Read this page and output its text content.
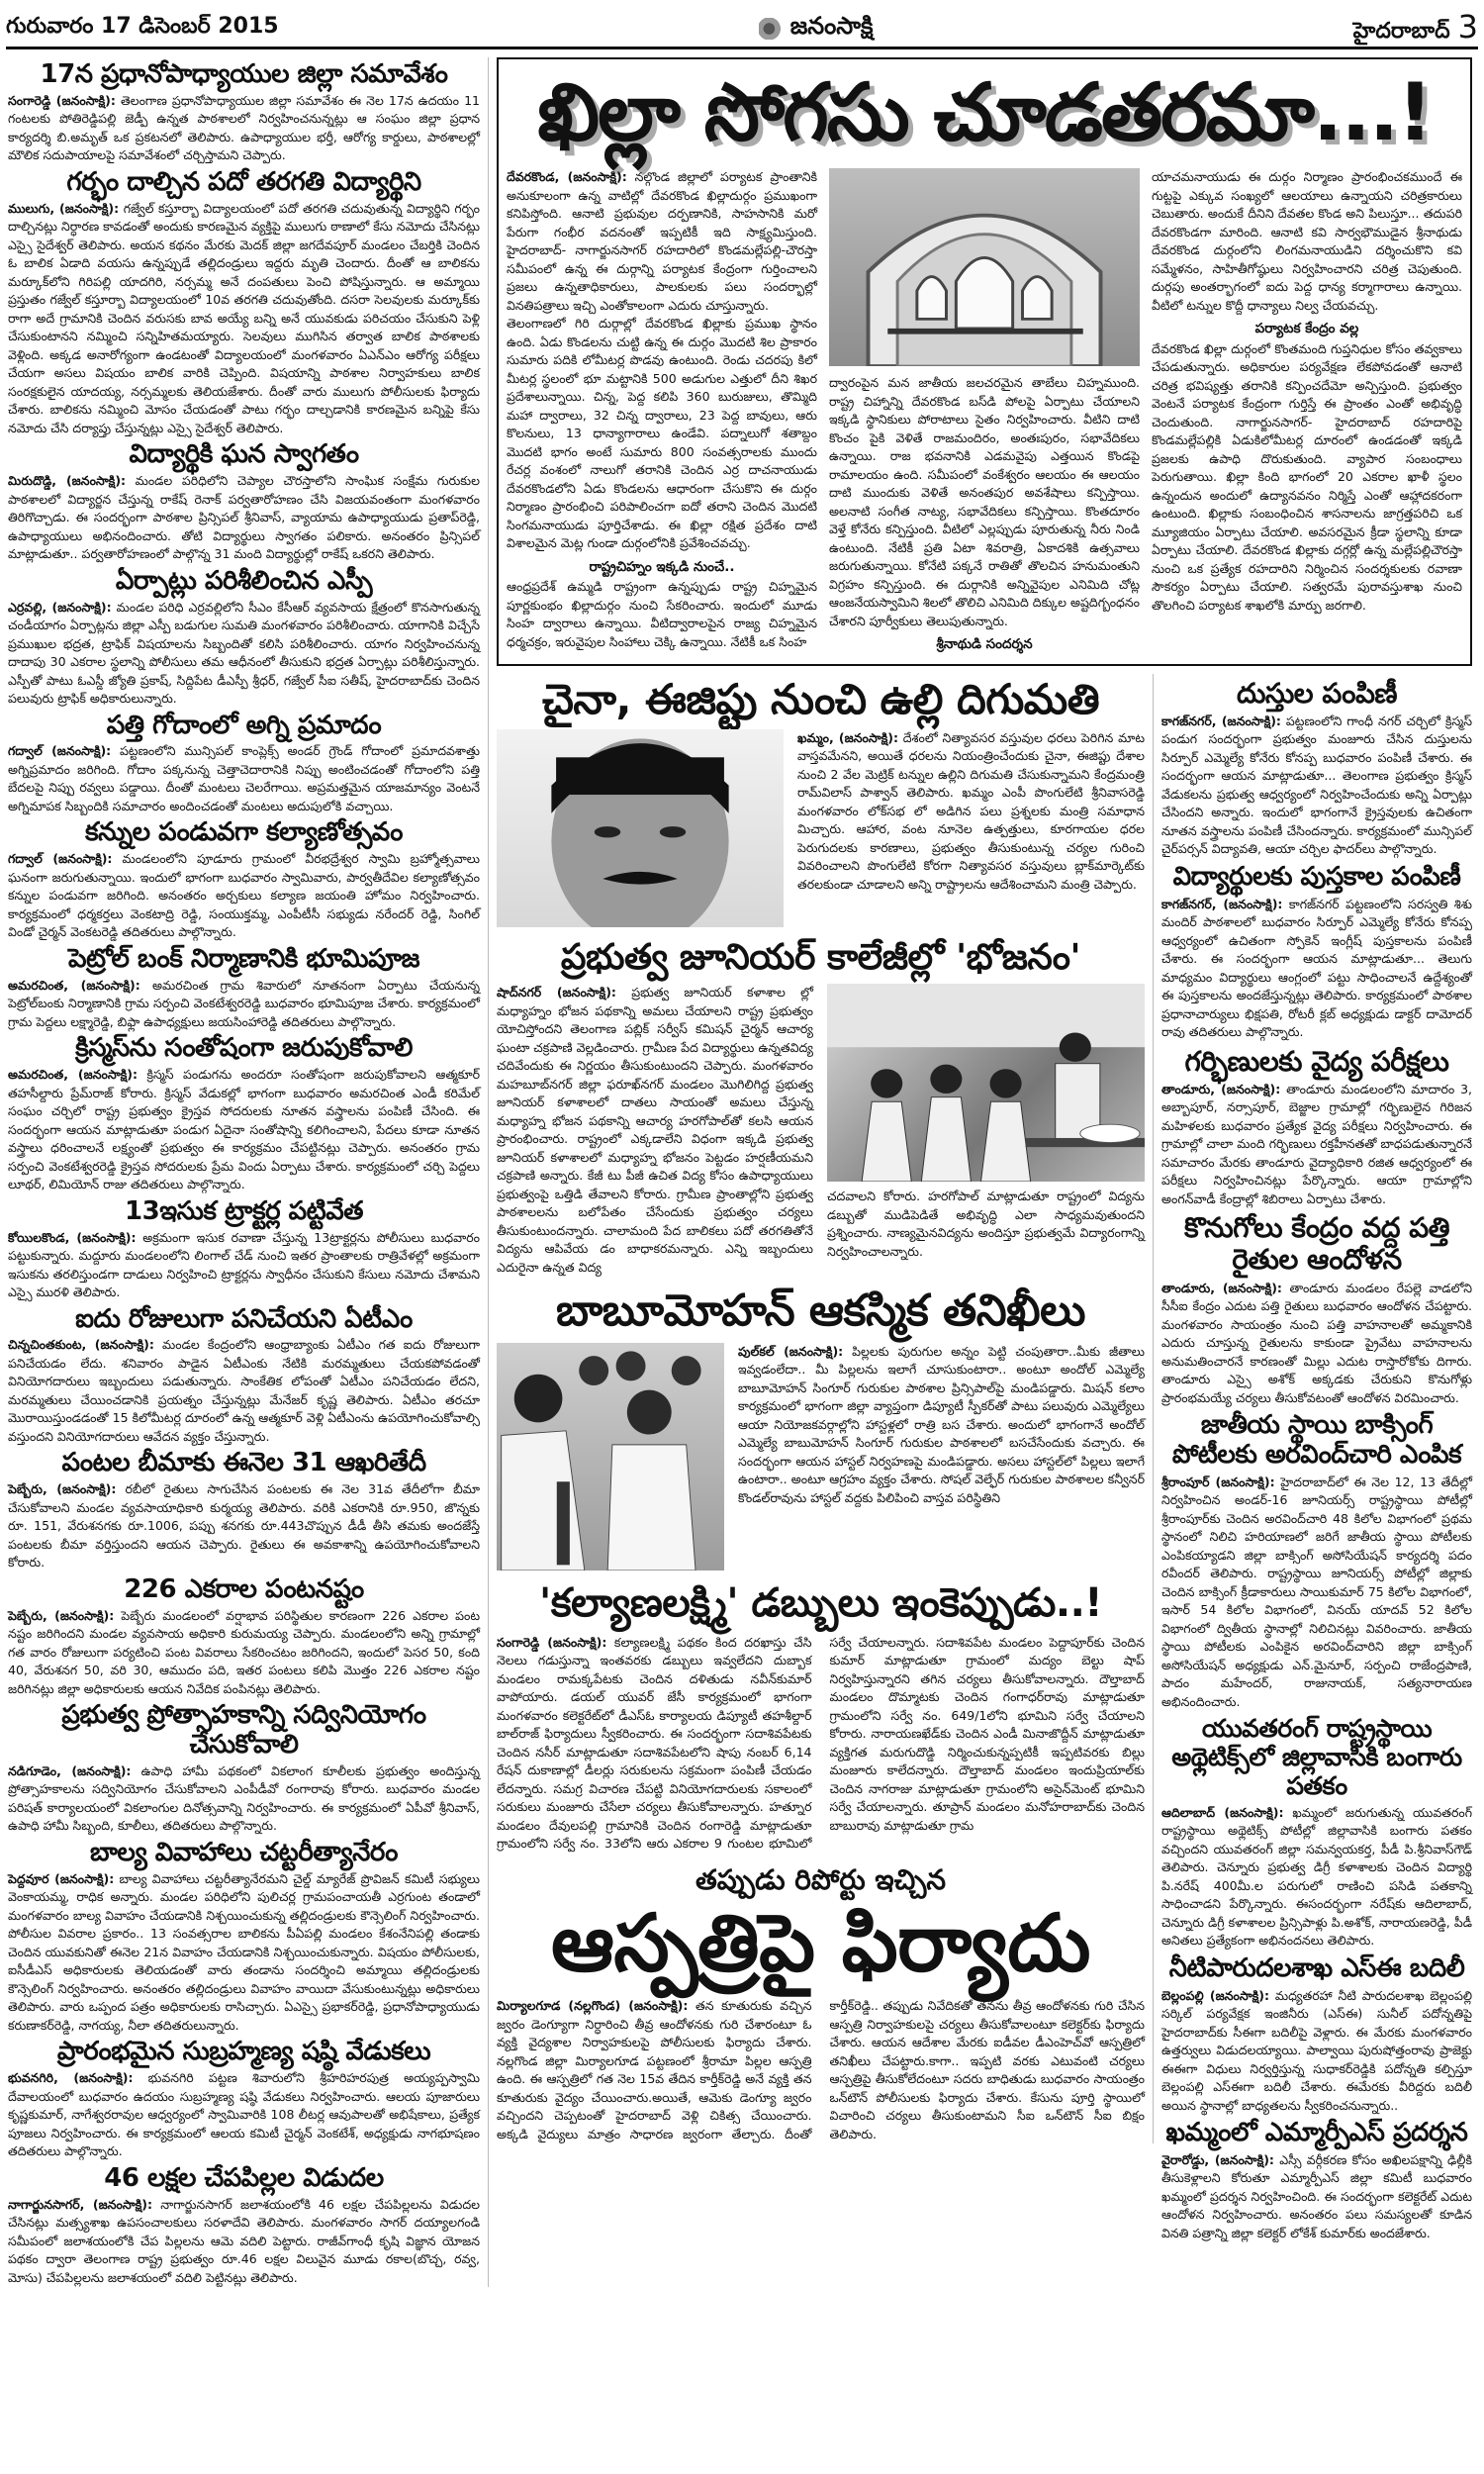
గురువారం 17 డిసెంబర్ 2015	జనంసాక్షి	హైదరాబాద్ 3
17న ప్రధానోపాధ్యాయుల జిల్లా సమావేశం

సంగారెడ్డి (జనంసాక్షి): తెలంగాణ ప్రధానోపాధ్యాయుల జిల్లా సమావేశం ఈ నెల 17న ఉదయం 11 గంటలకు పోతిరెడ్డిపల్లి జెడ్పీ ఉన్నత పాఠశాలలో నిర్వహించనున్నట్లు ఆ సంఘం జిల్లా ప్రధాన కార్యదర్శి బి.అమృత్ ఒక ప్రకటనలో తెలిపారు. ఉపాధ్యాయుల భర్తీ, ఆరోగ్య కార్డులు, పాఠశాలల్లో మౌలిక సదుపాయాలపై సమావేశంలో చర్చిస్తామని చెప్పారు.

గర్భం దాల్చిన పదో తరగతి విద్యార్థిని

ములుగు, (జనంసాక్షి): గజ్వేల్ కస్తూర్బా విద్యాలయంలో పదో తరగతి చదువుతున్న విద్యార్థిని గర్భం దాల్చినట్లు నిర్ధారణ కావడంతో అందుకు కారణమైన వ్యక్తిపై ములుగు ఠాణాలో కేసు నమోదు చేసినట్లు ఎస్సై సైదేశ్వర్ తెలిపారు. అయన కథనం మేరకు మెదక్ జిల్లా జగదేవపూర్ మండలం చేబర్తికి చెందిన ఓ బాలిక ఏడాది వయసు ఉన్నప్పుడే తల్లిదండ్రులు ఇద్దరు మృతి చెందారు. దీంతో ఆ బాలికను మర్కూక్‌లోని గిరిపల్లి యాదగిరి, నర్సమ్మ అనే దంపతులు పెంచి పోషిస్తున్నారు. ఆ అమ్మాయి ప్రస్తుతం గజ్వేల్ కస్తూర్బా విద్యాలయంలో 10వ తరగతి చదువుతోంది. దసరా సెలవులకు మర్కూక్‌కు రాగా అదే గ్రామానికి చెందిన వరుసకు బావ అయ్యే బన్ని అనే యువకుడు పరిచయం చేసుకుని పెళ్లి చేసుకుంటానని నమ్మించి సన్నిహితమయ్యారు. సెలవులు ముగిసిన తర్వాత బాలిక పాఠశాలకు వెళ్లింది. అక్కడ అనారోగ్యంగా ఉండటంతో విద్యాలయంలో మంగళవారం ఏఎన్‌ఎం ఆరోగ్య పరీక్షలు చేయగా అసలు విషయం బాలిక వారికి చెప్పింది. విషయాన్ని పాఠశాల నిర్వాహకులు బాలిక సంరక్షకులైన యాదయ్య, నర్సమ్మలకు తెలియజేశారు. దీంతో వారు ములుగు పోలీసులకు ఫిర్యాదు చేశారు. బాలికను నమ్మించి మోసం చేయడంతో పాటు గర్భం దాల్చడానికి కారణమైన బన్నిపై కేసు నమోదు చేసి దర్యాప్తు చేస్తున్నట్లు ఎస్సై సైదేశ్వర్ తెలిపారు.

విద్యార్థికి ఘన స్వాగతం

మిరుదొడ్డి, (జనంసాక్షి): మండల పరిధిలోని చెప్యాల చౌరస్తాలోని సాంఘిక సంక్షేమ గురుకుల పాఠశాలలో విద్యార్జన చేస్తున్న రాకేష్ రెనాక్ పర్వతారోహణం చేసి విజయవంతంగా మంగళవారం తిరిగొచ్చాడు. ఈ సందర్భంగా పాఠశాల ప్రిన్సిపల్ శ్రీనివాస్, వ్యాయామ ఉపాధ్యాయుడు ప్రతాప్‌రెడ్డి, ఉపాధ్యాయులు అభినందించారు. తోటి విద్యార్థులు స్వాగతం పలికారు. అనంతరం ప్రిన్సిపల్ మాట్లాడుతూ.. పర్వతారోహణంలో పాల్గొన్న 31 మంది విద్యార్థుల్లో రాకేష్ ఒకరని తెలిపారు.

ఏర్పాట్లు పరిశీలించిన ఎస్పీ

ఎర్రవల్లి, (జనంసాక్షి): మండల పరిధి ఎర్రవల్లిలోని సీఎం కేసీఆర్ వ్యవసాయ క్షేత్రంలో కొనసాగుతున్న చండీయాగం ఏర్పాట్లను జిల్లా ఎస్పీ బడుగుల సుమతి మంగళవారం పరిశీలించారు. యాగానికి విచ్చేసే ప్రముఖుల భద్రత, ట్రాఫిక్ విషయాలను సిబ్బందితో కలిసి పరిశీలించారు. యాగం నిర్వహించనున్న దాదాపు 30 ఎకరాల స్థలాన్ని పోలీసులు తమ ఆధీనంలో తీసుకుని భద్రత ఏర్పాట్లు పరిశీలిస్తున్నారు. ఎస్పీతో పాటు ఓఎస్డీ జ్యోతి ప్రకాష్, సిద్దిపేట డీఎస్పీ శ్రీధర్, గజ్వేల్ సీఐ సతీష్, హైదరాబాద్‌కు చెందిన పలువురు ట్రాఫిక్ అధికారులున్నారు.

పత్తి గోదాంలో అగ్ని ప్రమాదం

గద్వాల్ (జనంసాక్షి): పట్టణంలోని మున్సిపల్ కాంప్లెక్స్ అండర్ గ్రౌండ్ గోదాంలో ప్రమాదవశాత్తు అగ్నిప్రమాదం జరిగింది. గోదాం పక్కనున్న చెత్తాచెదారానికి నిప్పు అంటించడంతో గోదాంలోని పత్తి బేదలపై నిప్పు రవ్వలు పడ్డాయి. దీంతో మంటలు చెలరేగాయి. అప్రమత్తమైన యాజమాన్యం వెంటనే అగ్నిమాపక సిబ్బందికి సమాచారం అందించడంతో మంటలు అదుపులోకి వచ్చాయి.

కన్నుల పండువగా కల్యాణోత్సవం

గద్వాల్ (జనంసాక్షి): మండలంలోని పూడూరు గ్రామంలో వీరభద్రేశ్వర స్వామి బ్రహ్మోత్సవాలు ఘనంగా జరుగుతున్నాయి. ఇందులో భాగంగా బుధవారం స్వామివారు, పార్వతీదేవిల కల్యాణోత్సవం కన్నుల పండువగా జరిగింది. అనంతరం అర్చకులు కల్యాణ జయంతి హోమం నిర్వహించారు. కార్యక్రమంలో ధర్మకర్తలు వెంకటాద్రి రెడ్డి, సంయుక్తమ్మ, ఎంపీటీసీ సభ్యుడు నరేందర్ రెడ్డి, సింగిల్ విండో చైర్మన్ వెంకటరెడ్డి తదితరులు పాల్గొన్నారు.

పెట్రోల్ బంక్ నిర్మాణానికి భూమిపూజ

అమరచింత, (జనంసాక్షి): అమరచింత గ్రామ శివారులో నూతనంగా ఏర్పాటు చేయనున్న పెట్రోల్‌బంకు నిర్మాణానికి గ్రామ సర్పంచి వెంకటేశ్వరరెడ్డి బుధవారం భూమిపూజ చేశారు. కార్యక్రమంలో గ్రామ పెద్దలు లక్ష్మారెడ్డి, బిఫ్లా ఉపాధ్యక్షులు జయసింహారెడ్డి తదితరులు పాల్గొన్నారు.

క్రిస్మస్‌ను సంతోషంగా జరుపుకోవాలి

అమరచింత, (జనంసాక్షి): క్రిస్మస్ పండుగను అందరూ సంతోషంగా జరుపుకోవాలని ఆత్మకూర్ తహసీల్దారు ప్రేమ్‌రాజ్ కోరారు. క్రిస్మస్ వేడుకల్లో భాగంగా బుధవారం అమరచింత ఎండీ కరిమేల్ సంఘం చర్చిలో రాష్ట్ర ప్రభుత్వం క్రైస్తవ సోదరులకు నూతన వస్త్రాలను పంపిణీ చేసింది. ఈ సందర్భంగా ఆయన మాట్లాడుతూ పండుగ ఏదైనా సంతోషాన్ని కలిగించాలని, పేదలు కూడా నూతన వస్త్రాలు ధరించాలనే లక్ష్యంతో ప్రభుత్వం ఈ కార్యక్రమం చేపట్టినట్లు చెప్పారు. అనంతరం గ్రామ సర్పంచి వెంకటేశ్వరరెడ్డి క్రైస్తవ సోదరులకు ప్రేమ విందు ఏర్పాటు చేశారు. కార్యక్రమంలో చర్చి పెద్దలు లూథర్, లిమియోన్ రాజు తదితరులు పాల్గొన్నారు.

13ఇసుక ట్రాక్టర్ల పట్టివేత

కోయిలకొండ, (జనంసాక్షి): అక్రమంగా ఇసుక రవాణా చేస్తున్న 13ట్రాక్టర్లను పోలీసులు బుధవారం పట్టుకున్నారు. మద్దూరు మండలంలోని లింగాల్ చేడ్ నుంచి ఇతర ప్రాంతాలకు రాత్రివేళల్లో అక్రమంగా ఇసుకను తరలిస్తుండగా దాడులు నిర్వహించి ట్రాక్టర్లను స్వాధీనం చేసుకుని కేసులు నమోదు చేశామని ఎస్సై మురళి తెలిపారు.

ఐదు రోజులుగా పనిచేయని ఏటీఎం

చిన్నచింతకుంట, (జనంసాక్షి): మండల కేంద్రంలోని ఆంధ్రాబ్యాంకు ఏటీఎం గత ఐదు రోజులుగా పనిచేయడం లేదు. శనివారం పాడైన ఏటీఎంకు నేటికి మరమ్మతులు చేయకపోవడంతో వినియోగదారులు ఇబ్బందులు పడుతున్నారు. సాంకేతిక లోపంతో ఏటీఎం పనిచేయడం లేదని, మరమ్మతులు చేయించడానికి ప్రయత్నం చేస్తున్నట్లు మేనేజర్ కృష్ణ తెలిపారు. ఏటీఎం తరచూ మొరాయిస్తుండడంతో 15 కిలోమీటర్ల దూరంలో ఉన్న ఆత్మకూర్ వెళ్లి ఏటీఎంను ఉపయోగించుకోవాల్సి వస్తుందని వినియోగదారులు ఆవేదన వ్యక్తం చేస్తున్నారు.

పంటల బీమాకు ఈనెల 31 ఆఖరితేదీ

పెబ్బేరు, (జనంసాక్షి): రబీలో రైతులు సాగుచేసిన పంటలకు ఈ నెల 31వ తేదీలోగా బీమా చేసుకోవాలని మండల వ్యవసాయాధికారి కుర్మయ్య తెలిపారు. వరికి ఎకరానికి రూ.950, జొన్నకు రూ. 151, వేరుశనగకు రూ.1006, పప్పు శనగకు రూ.443చొప్పున డీడీ తీసి తమకు అందజేస్తే పంటలకు బీమా వర్తిస్తుందని ఆయన చెప్పారు. రైతులు ఈ అవకాశాన్ని ఉపయోగించుకోవాలని కోరారు.

226 ఎకరాల పంటనష్టం

పెబ్బేరు, (జనంసాక్షి): పెబ్బేరు మండలంలో వర్షాభావ పరిస్థితుల కారణంగా 226 ఎకరాల పంట నష్టం జరిగిందని మండల వ్యవసాయ అధికారి కురుమయ్య చెప్పారు. మండలంలోని అన్ని గ్రామాల్లో గత వారం రోజులుగా పర్యటించి పంట వివరాలు సేకరించటం జరిగిందని, ఇందులో పెసర 50, కంది 40, వేరుశనగ 50, వరి 30, ఆముదం పది, ఇతర పంటలు కలిపి మొత్తం 226 ఎకరాల నష్టం జరిగినట్లు జిల్లా అధికారులకు ఆయన నివేదిక పంపినట్లు తెలిపారు.

ప్రభుత్వ ప్రోత్సాహకాన్ని సద్వినియోగం చేసుకోవాలి

నడిగూడెం, (జనంసాక్షి): ఉపాధి హామీ పథకంలో వికలాంగ కూలీలకు ప్రభుత్వం అందిస్తున్న ప్రోత్సాహకాలను సద్వినియోగం చేసుకోవాలని ఎంపీడీవో రంగారావు కోరారు. బుధవారం మండల పరిషత్ కార్యాలయంలో వికలాంగుల దినోత్సవాన్ని నిర్వహించారు. ఈ కార్యక్రమంలో ఏపీవో శ్రీనివాస్, ఉపాధి హామీ సిబ్బంది, కూలీలు, తదితరులు పాల్గొన్నారు.

బాల్య వివాహాలు చట్టరీత్యానేరం

పెద్దవూర (జనంసాక్షి): బాల్య వివాహాలు చట్టరీత్యానేరమని చైల్డ్ మ్యారేజ్ ప్రొవిజన్ కమిటీ సభ్యులు వెంకాయమ్మ, రాధిక అన్నారు. మండల పరిధిలోని పులిచర్ల గ్రామపంచాయతీ ఎర్రగుంట తండాలో మంగళవారం బాల్య వివాహం చేయడానికి నిశ్చయించుకున్న తల్లిదండ్రులకు కౌన్సెలింగ్ నిర్వహించారు. పోలీసుల వివరాల ప్రకారం.. 13 సంవత్సరాల బాలికను పీఏపల్లి మండలం కేశంనేనిపల్లి తండాకు చెందిన యువకునితో ఈనెల 21న వివాహం చేయడానికి నిశ్చయించుకున్నారు. విషయం పోలీసులకు, ఐసీడీఎస్ అధికారులకు తెలియడంతో వారు తండాను సందర్శించి అమ్మాయి తల్లిదండ్రులకు కౌన్సెలింగ్ నిర్వహించారు. అనంతరం తల్లిదండ్రులు వివాహం వాయిదా వేసుకుంటున్నట్లు అధికారులు తెలిపారు. వారు ఒప్పంద పత్రం అధికారులకు రాసిచ్చారు. ఏఎస్సై ప్రభాకర్‌రెడ్డి, ప్రధానోపాధ్యాయుడు కరుణాకర్‌రెడ్డి, నాగయ్య, నీలా తదితరులున్నారు.

ప్రారంభమైన సుబ్రహ్మణ్య షష్ఠి వేడుకలు

భువనగిరి, (జనంసాక్షి): భువనగిరి పట్టణ శివారులోని శ్రీహరిహరపుత్ర అయ్యప్పస్వామి దేవాలయంలో బుధవారం ఉదయం సుబ్రహ్మణ్య షష్ఠి వేడుకలు నిర్వహించారు. ఆలయ పూజారులు కృష్ణకుమార్, నాగేశ్వరరావుల ఆధ్వర్యంలో స్వామివారికి 108 లీటర్ల ఆవుపాలతో అభిషేకాలు, ప్రత్యేక పూజలు నిర్వహించారు. ఈ కార్యక్రమంలో ఆలయ కమిటీ చైర్మన్ వెంకటేశ్, అధ్యక్షుడు నాగభూషణం తదితరులు పాల్గొన్నారు.

46 లక్షల చేపపిల్లల విడుదల

నాగార్జునసాగర్, (జనంసాక్షి): నాగార్జునసాగర్ జలాశయంలోకి 46 లక్షల చేపపిల్లలను విడుదల చేసినట్లు మత్స్యశాఖ ఉపసంచాలకులు సరళాదేవి తెలిపారు. మంగళవారం సాగర్ దయ్యాలగండి సమీపంలో జలాశయంలోకి చేప పిల్లలను ఆమె వదిలి పెట్టారు. రాజీవ్‌గాంధీ కృషి విజ్ఞాన యోజన పథకం ద్వారా తెలంగాణ రాష్ట్ర ప్రభుత్వం రూ.46 లక్షల విలువైన మూడు రకాల(బొచ్చ, రవ్వ, మోసు) చేపపిల్లలను జలాశయంలో వదిలి పెట్టినట్లు తెలిపారు.

ఖిల్లా సోగసు చూడతరమా...!

దేవరకొండ, (జనంసాక్షి): నల్గొండ జిల్లాలో పర్యాటక ప్రాంతానికి అనుకూలంగా ఉన్న వాటిల్లో దేవరకొండ ఖిల్లాదుర్గం ప్రముఖంగా కనిపిస్తోంది. ఆనాటి ప్రభువుల దర్పణానికి, సాహసానికి మరో పేరుగా గంభీర వదనంతో ఇప్పటికీ ఇది సాక్ష్యమిస్తుంది. హైదరాబాద్- నాగార్జునసాగర్ రహదారిలో కొండమల్లేపల్లి-చౌరస్తా సమీపంలో ఉన్న ఈ దుర్గాన్ని పర్యాటక కేంద్రంగా గుర్తించాలని ప్రజలు ఉన్నతాధికారులు, పాలకులకు పలు సందర్భాల్లో వినతిపత్రాలు ఇచ్చి ఎంతోకాలంగా ఎదురు చూస్తున్నారు.

తెలంగాణలో గిరి దుర్గాల్లో దేవరకొండ ఖిల్లాకు ప్రముఖ స్థానం ఉంది. ఏడు కొండలను చుట్టి ఉన్న ఈ దుర్గం మొదటి శిల ప్రాకారం సుమారు పదికి లోమీటర్ల పొడవు ఉంటుంది. రెండు చదరపు కిలో మీటర్ల స్థలంలో భూ మట్టానికి 500 అడుగుల ఎత్తులో దీని శిఖర ప్రదేశాలున్నాయి. చిన్న, పెద్ద కలిపి 360 బురుజులు, తొమ్మిది మహా ద్వారాలు, 32 చిన్న ద్వారాలు, 23 పెద్ద బావులు, ఆరు కొలనులు, 13 ధాన్యాగారాలు ఉండేవి. పద్నాలుగో శతాబ్దం మొదటి భాగం అంటే సుమారు 800 సంవత్సరాలకు ముందు రేచర్ల వంశంలో నాలుగో తరానికి చెందిన ఎర్ర దాచనాయుడు దేవరకొండలోని ఏడు కొండలను ఆధారంగా చేసుకొని ఈ దుర్గం నిర్మాణం ప్రారంభించి పరిపాలించగా ఐదో తరాని చెందిన మొదటి సింగమనాయుడు పూర్తిచేశాడు. ఈ ఖిల్లా రక్షిత ప్రదేశం దాటి విశాలమైన మెట్ల గుండా దుర్గంలోనికి ప్రవేశించవచ్చు.

రాష్ట్రచిహ్నం ఇక్కడి నుంచే..

ఆంధ్రప్రదేశ్ ఉమ్మడి రాష్ట్రంగా ఉన్నప్పుడు రాష్ట్ర చిహ్నమైన పూర్ణకుంభం ఖిల్లాదుర్గం నుంచి సేకరించారు. ఇందులో మూడు సింహ ద్వారాలు ఉన్నాయి. వీటిద్వారాలపైన రాజ్య చిహ్నమైన ధర్మచక్రం, ఇరువైపుల సింహాలు చెక్కి ఉన్నాయి. నేటికీ ఒక సింహ

ద్వారంపైన మన జాతీయ జలచరమైన తాబేలు చిహ్నముంది. రాష్ట్ర చిహ్నాన్ని దేవరకొండ బస్‌డి పోలపై ఏర్పాటు చేయాలని ఇక్కడి స్థానికులు పోరాటాలు సైతం నిర్వహించారు. వీటిని దాటి కొంచం పైకి వెళితే రాజమందిరం, అంతఃపురం, సభావేదికలు ఉన్నాయి. రాజ భవనానికి ఎడమవైపు ఎత్తయిన కొండపై రామాలయం ఉంది. సమీపంలో వంకేశ్వరం ఆలయం ఈ ఆలయం దాటి ముందుకు వెళితే అనంతపుర అవశేషాలు కన్పిస్తాయి. అలనాటి సంగీత నాట్య, సభావేదికలు కన్పిస్తాయి. కొంతదూరం వెళ్తే కోనేరు కన్పిస్తుంది. వీటిలో ఎల్లప్పుడు పూరుతున్న నీరు నిండి ఉంటుంది. నేటికీ ప్రతి ఏటా శివరాత్రి, ఏకాదశికి ఉత్సవాలు జరుగుతున్నాయి. కోనేటి పక్కనే రాతితో తొలచిన హనుమంతుని విగ్రహం కన్పిస్తుంది. ఈ దుర్గానికి అన్నివైపుల ఎనిమిది చోట్ల ఆంజనేయస్వామిని శిలలో తొలిచి ఎనిమిది దిక్కుల అష్టదిగ్బంధనం చేశారని పూర్వీకులు తెలుపుతున్నారు.

శ్రీనాథుడి సందర్శన

యాచమనాయుడు ఈ దుర్గం నిర్మాణం ప్రారంభించకముందే ఈ గుట్టపై ఎక్కువ సంఖ్యలో ఆలయాలు ఉన్నాయని చరిత్రకారులు చెబుతారు. అందుకే దీనిని దేవతల కొండ అని పిలుస్తూ... తదుపరి దేవరకొండగా మారింది. ఆనాటి కవి సార్వభౌముడైన శ్రీనాథుడు దేవరకొండ దుర్గంలోని లింగమనాయుడిని దర్శించుకొని కవి సమ్మేళనం, సాహితీగోష్ఠులు నిర్వహించారని చరిత్ర చెపుతుంది. దుర్గపు అంతర్భాగంలో ఐదు పెద్ద ధాన్య కర్మాగారాలు ఉన్నాయి. వీటిలో టన్నుల కొద్దీ ధాన్యాలు నిల్వ చేయవచ్చు.

పర్యాటక కేంద్రం వల్ల

దేవరకొండ ఖిల్లా దుర్గంలో కొంతమంది గుప్తనిధుల కోసం తవ్వకాలు చేపడుతున్నారు. అధికారుల పర్యవేక్షణ లేకపోవడంతో ఆనాటి చరిత్ర భవిష్యత్తు తరానికి కన్పించదేమో అన్పిస్తుంది. ప్రభుత్వం వెంటనే పర్యాటక కేంద్రంగా గుర్తిస్తే ఈ ప్రాంతం ఎంతో అభివృద్ధి చెందుతుంది. నాగార్జునసాగర్- హైదరాబాద్ రహదారిపై కొండమల్లేపల్లికి ఏడుకిలోమీటర్ల దూరంలో ఉండడంతో ఇక్కడి ప్రజలకు ఉపాధి దొరుకుతుంది. వ్యాపార సంబంధాలు పెరుగుతాయి. ఖిల్లా కింది భాగంలో 20 ఎకరాల ఖాళీ స్థలం ఉన్నందున అందులో ఉద్యానవనం నిర్మిస్తే ఎంతో ఆహ్లాదకరంగా ఉంటుంది. ఖిల్లాకు సంబంధించిన శాసనాలను జాగ్రత్తపరిచి ఒక మ్యూజియం ఏర్పాటు చేయాలి. అవసరమైన క్రీడా స్థలాన్ని కూడా ఏర్పాటు చేయాలి. దేవరకొండ ఖిల్లాకు దగ్గర్లో ఉన్న మల్లేపల్లిచౌరస్తా నుంచి ఒక ప్రత్యేక రహదారిని నిర్మించిన సందర్శకులకు రవాణా సౌకర్యం ఏర్పాటు చేయాలి. సత్వరమే పురావస్తుశాఖ నుంచి తొలగించి పర్యాటక శాఖలోకి మార్పు జరగాలి.

చైనా, ఈజిప్టు నుంచి ఉల్లి దిగుమతి

ఖమ్మం, (జనంసాక్షి): దేశంలో నిత్యావసర వస్తువుల ధరలు పెరిగిన మాట వాస్తవమేనని, అయితే ధరలను నియంత్రించేందుకు చైనా, ఈజిప్టు దేశాల నుంచి 2 వేల మెట్రిక్ టన్నుల ఉల్లిని దిగుమతి చేసుకున్నామని కేంద్రమంత్రి రామ్‌విలాస్ పాశ్వాన్ తెలిపారు. ఖమ్మం ఎంపీ పొంగులేటి శ్రీనివాసరెడ్డి మంగళవారం లోక్‌సభ లో అడిగిన పలు ప్రశ్నలకు మంత్రి సమాధాన మిచ్చారు. ఆహార, వంట నూనెల ఉత్పత్తులు, కూరగాయల ధరల పెరుగుదలకు కారణాలు, ప్రభుత్వం తీసుకుంటున్న చర్యల గురించి వివరించాలని పొంగులేటి కోరగా నిత్యావసర వస్తువులు బ్లాక్‌మార్కెట్‌కు తరలకుండా చూడాలని అన్ని రాష్ట్రాలను ఆదేశించామని మంత్రి చెప్పారు.

ప్రభుత్వ జూనియర్ కాలేజీల్లో 'భోజనం'

షాద్‌నగర్ (జనంసాక్షి): ప్రభుత్వ జూనియర్ కళాశాల ల్లో మధ్యాహ్నం భోజన పథకాన్ని అమలు చేయాలని రాష్ట్ర ప్రభుత్వం యోచిస్తోందని తెలంగాణ పబ్లిక్ సర్వీస్ కమిషన్ చైర్మన్ ఆచార్య ఘంటా చక్రపాణి వెల్లడించారు. గ్రామీణ పేద విద్యార్థులు ఉన్నతవిద్య చదివేందుకు ఈ నిర్ణయం తీసుకుంటుందని చెప్పారు. మంగళవారం మహబూబ్‌నగర్ జిల్లా ఫరూఖ్‌నగర్ మండలం మొగిలిగిద్ద ప్రభుత్వ జూనియర్ కళాశాలలో దాతలు సాయంతో అమలు చేస్తున్న మధ్యాహ్న భోజన పథకాన్ని ఆచార్య హరగోపాల్‌తో కలసి ఆయన ప్రారంభించారు. రాష్ట్రంలో ఎక్కడాలేని విధంగా ఇక్కడి ప్రభుత్వ జూనియర్ కళాశాలలో మధ్యాహ్న భోజనం పెట్టడం హర్షణీయమని చక్రపాణి అన్నారు. కేజీ టు పీజీ ఉచిత విద్య కోసం ఉపాధ్యాయులు ప్రభుత్వంపై ఒత్తిడి తేవాలని కోరారు. గ్రామీణ ప్రాంతాల్లోని ప్రభుత్వ పాఠశాలలను బలోపేతం చేసేందుకు ప్రభుత్వం చర్యలు తీసుకుంటుందన్నారు. చాలామంది పేద బాలికలు పదో తరగతితోనే విద్యను ఆపివేయ డం బాధాకరమన్నారు. ఎన్ని ఇబ్బందులు ఎదురైనా ఉన్నత విద్య

చదవాలని కోరారు. హరగోపాల్ మాట్లాడుతూ రాష్ట్రంలో విద్యను డబ్బుతో ముడిపెడితే అభివృద్ధి ఎలా సాధ్యమవుతుందని ప్రశ్నించారు. నాణ్యమైనవిద్యను అందిస్తూ ప్రభుత్వమే విద్యారంగాన్ని నిర్వహించాలన్నారు.

బాబూమోహన్ ఆకస్మిక తనిఖీలు

పుల్‌కల్ (జనంసాక్షి): పిల్లలకు పురుగుల అన్నం పెట్టి చంపుతారా..మీకు జీతాలు ఇవ్వడంలేదా.. మీ పిల్లలను ఇలాగే చూసుకుంటారా.. అంటూ అందోల్ ఎమ్మెల్యే బాబూమోహన్ సింగూర్ గురుకుల పాఠశాల ప్రిన్సిపాల్‌పై మండిపడ్డారు. మిషన్ కలాం కార్యక్రమంలో భాగంగా జిల్లా వ్యాప్తంగా డిప్యూటీ స్పీకర్‌తో పాటు పలువురు ఎమ్మెల్యేలు ఆయా నియోజకవర్గాల్లోని హాస్టళ్లలో రాత్రి బస చేశారు. అందులో భాగంగానే అందోల్ ఎమ్మెల్యే బాబుమోహన్ సింగూర్ గురుకుల పాఠశాలలో బసచేసేందుకు వచ్చారు. ఈ సందర్భంగా ఆయన హాస్టల్ నిర్వహణపై మండిపడ్డారు. అసలు హాస్టల్‌లో పిల్లలు ఇలాగే ఉంటారా.. అంటూ ఆగ్రహం వ్యక్తం చేశారు. సోషల్ వెల్ఫేర్ గురుకుల పాఠశాలల కన్వీనర్ కొండల్‌రావును హాస్టల్ వద్దకు పిలిపించి వాస్తవ పరిస్థితిని

'కల్యాణలక్ష్మి' డబ్బులు ఇంకెప్పుడు..!

సంగారెడ్డి (జనంసాక్షి): కల్యాణలక్ష్మి పథకం కింద దరఖాస్తు చేసి నెలలు గడుస్తున్నా ఇంతవరకు డబ్బులు ఇవ్వలేదని దుబ్బాక మండలం రామక్కపేటకు చెందిన దళితుడు నవీన్‌కుమార్ వాపోయారు. డయల్ యువర్ జేసీ కార్యక్రమంలో భాగంగా మంగళవారం కలెక్టరేట్‌లో డీఎస్‌ఓ కార్యాలయ డిప్యూటీ తహశీల్దార్ బాల్‌రాజ్ ఫిర్యాదులు స్వీకరించారు. ఈ సందర్భంగా సదాశివపేటకు చెందిన నసీర్ మాట్లాడుతూ సదాశివపేటలోని షాపు నంబర్ 6,14 రేషన్ దుకాణాల్లో డీలర్లు సరుకులను సక్రమంగా పంపిణీ చేయడం లేదన్నారు. సమగ్ర విచారణ చేపట్టి వినియోగదారులకు సకాలంలో సరుకులు మంజూరు చేసేలా చర్యలు తీసుకోవాలన్నారు. హత్నూర మండలం దేవులపల్లి గ్రామానికి చెందిన రంగారెడ్డి మాట్లాడుతూ గ్రామంలోని సర్వే నం. 33లోని ఆరు ఎకరాల 9 గుంటల భూమిలో సర్వే చేయాలన్నారు. సదాశివపేట మండలం పెద్దాపూర్‌కు చెందిన కుమార్ మాట్లాడుతూ గ్రామంలో మద్యం బెల్టు షాప్ నిర్వహిస్తున్నారని తగిన చర్యలు తీసుకోవాలన్నారు. దౌల్తాబాద్ మండలం దొమ్మాటకు చెందిన గంగాధర్‌రావు మాట్లాడుతూ గ్రామంలోని సర్వే నం. 649/1లోని భూమిని సర్వే చేయాలని కోరారు. నారాయణఖేడ్‌కు చెందిన ఎండీ మినాజొద్దీన్ మాట్లాడుతూ వ్యక్తిగత మరుగుదొడ్డి నిర్మించుకున్నప్పటికీ ఇప్పటివరకు బిల్లు మంజూరు కాలేదన్నారు. దౌల్తాబాద్ మండలం ఇందుప్రియాల్‌కు చెందిన నాగరాజు మాట్లాడుతూ గ్రామంలోని అసైన్‌మెంట్ భూమిని సర్వే చేయాలన్నారు. తూప్రాన్ మండలం మనోహరాబాద్‌కు చెందిన బాబురావు మాట్లాడుతూ గ్రామ

తప్పుడు రిపోర్టు ఇచ్చిన
ఆస్పత్రిపై ఫిర్యాదు

మిర్యాలగూడ (నల్లగొండ) (జనంసాక్షి): తన కూతురుకు వచ్చిన జ్వరం డెంగ్యూగా నిర్ధారించి తీవ్ర ఆందోళనకు గురి చేశారంటూ ఓ వ్యక్తి వైద్యశాల నిర్వాహకులపై పోలీసులకు ఫిర్యాదు చేశారు. నల్లగొండ జిల్లా మిర్యాలగూడ పట్టణంలో శ్రీరామా పిల్లల ఆస్పత్రి ఉంది. ఈ ఆస్పత్రిలో గత నెల 15వ తేదిన కార్తీక్‌రెడ్డి అనే వ్యక్తి తన కూతురుకు వైద్యం చేయించారు.అయితే, ఆమెకు డెంగ్యూ జ్వరం వచ్చిందని చెప్పటంతో హైదరాబాద్ వెళ్లి చికిత్స చేయించారు. అక్కడి వైద్యులు మాత్రం సాధారణ జ్వరంగా తేల్చారు. దీంతో కార్తీక్‌రెడ్డి.. తప్పుడు నివేదికతో తనను తీవ్ర ఆందోళనకు గురి చేసిన ఆస్పత్రి నిర్వాహకులపై చర్యలు తీసుకోవాలంటూ కలెక్టర్‌కు ఫిర్యాదు చేశారు. ఆయన ఆదేశాల మేరకు ఐడీవల డీఎంహెచ్‌వో ఆస్పత్రిలో తనిఖీలు చేపట్టారు.కాగా.. ఇప్పటి వరకు ఎటువంటి చర్యలు ఆస్పత్రిపై తీసుకోలేదంటూ సదరు బాధితుడు బుధవారం సాయంత్రం ఒన్‌టౌన్ పోలీసులకు ఫిర్యాదు చేశారు. కేసును పూర్తి స్థాయిలో విచారించి చర్యలు తీసుకుంటామని సీఐ ఒన్‌టౌన్ సీఐ బిక్షం తెలిపారు.

దుస్తుల పంపిణీ

కాగజ్‌నగర్, (జనంసాక్షి): పట్టణంలోని గాంధీ నగర్ చర్చిలో క్రిస్మస్ పండుగ సందర్భంగా ప్రభుత్వం మంజూరు చేసిన దుస్తులను సిర్పూర్ ఎమ్మెల్యే కోనేరు కోనప్ప బుధవారం పంపిణీ చేశారు. ఈ సందర్భంగా ఆయన మాట్లాడుతూ... తెలంగాణ ప్రభుత్వం క్రిస్మస్ వేడుకలను ప్రభుత్వ ఆధ్వర్యంలో నిర్వహించేందుకు అన్ని ఏర్పాట్లు చేసిందని అన్నారు. ఇందులో భాగంగానే క్రైస్తవులకు ఉచితంగా నూతన వస్త్రాలను పంపిణీ చేసిందన్నారు. కార్యక్రమంలో మున్సిపల్ చైర్‌పర్సన్ విద్యావతి, ఆయా చర్చిల ఫాదర్‌లు పాల్గొన్నారు.

విద్యార్థులకు పుస్తకాల పంపిణీ

కాగజ్‌నగర్, (జనంసాక్షి): కాగజ్‌నగర్ పట్టణంలోని సరస్వతి శిశు మందిర్ పాఠశాలలో బుధవారం సిర్పూర్ ఎమ్మెల్యే కోనేరు కోనప్ప ఆధ్వర్యంలో ఉచితంగా స్పోకెన్ ఇంగ్లీష్ పుస్తకాలను పంపిణీ చేశారు. ఈ సందర్భంగా ఆయన మాట్లాడుతూ... తెలుగు మాధ్యమం విద్యార్థులు ఆంగ్లంలో పట్టు సాధించాలనే ఉద్దేశ్యంతో ఈ పుస్తకాలను అందజేస్తున్నట్లు తెలిపారు. కార్యక్రమంలో పాఠశాల ప్రధానాచార్యులు భిక్షపతి, రోటరీ క్లబ్ అధ్యక్షుడు డాక్టర్ దామోదర్ రావు తదితరులు పాల్గొన్నారు.

గర్భిణులకు వైద్య పరీక్షలు

తాండూరు, (జనంసాక్షి): తాండూరు మండలంలోని మాదారం 3, అబ్బాపూర్, నర్సాపూర్, బెజ్జాల గ్రామాల్లో గర్భిణులైన గిరిజన మహిళలకు బుధవారం ప్రత్యేక వైద్య పరీక్షలు నిర్వహించారు. ఈ గ్రామాల్లో చాలా మంది గర్భిణులు రక్తహీనతతో బాధపడుతున్నారనే సమాచారం మేరకు తాండూరు వైద్యాధికారి రజిత ఆధ్వర్యంలో ఈ పరీక్షలు నిర్వహించినట్లు పేర్కొన్నారు. ఆయా గ్రామాల్లోని అంగన్‌వాడీ కేంద్రాల్లో శిబిరాలు ఏర్పాటు చేశారు.

కొనుగోలు కేంద్రం వద్ద పత్తి రైతుల ఆందోళన

తాండూరు, (జనంసాక్షి): తాండూరు మండలం రేపల్లె వాడలోని సీసీఐ కేంద్రం ఎదుట పత్తి రైతులు బుధవారం ఆందోళన చేపట్టారు. మంగళవారం సాయంత్రం నుంచి పత్తి వాహనాలతో అమ్మకానికి ఎదురు చూస్తున్న రైతులను కాకుండా ప్రైవేటు వాహనాలను అనుమతించారనే కారణంతో మిల్లు ఎదుట రాస్తారోకోకు దిగారు. తాండూరు ఎస్సై అశోక్ అక్కడకు చేరుకుని కొనుగోళ్లు ప్రారంభమయ్యే చర్యలు తీసుకోవటంతో ఆందోళన విరమించారు.

జాతీయ స్థాయి బాక్సింగ్ పోటీలకు అరవింద్‌చారి ఎంపిక

శ్రీరాంపూర్ (జనంసాక్షి): హైదరాబాద్‌లో ఈ నెల 12, 13 తేదీల్లో నిర్వహించిన అండర్-16 జూనియర్స్ రాష్ట్రస్థాయి పోటీల్లో శ్రీరాంపూర్‌కు చెందిన అరవింద్‌చారి 48 కిలోల విభాగంలో ప్రథమ స్థానంలో నిలిచి హరియాణలో జరిగే జాతీయ స్థాయి పోటీలకు ఎంపికయ్యాడని జిల్లా బాక్సింగ్ అసోసియేషన్ కార్యదర్శి పదం రవీందర్ తెలిపారు. రాష్ట్రస్థాయి జూనియర్స్ పోటీల్లో జిల్లాకు చెందిన బాక్సింగ్ క్రీడాకారులు సాయికుమార్ 75 కిలోల విభాగంలో, ఇసార్ 54 కిలోల విభాగంలో, వినయ్ యాదవ్ 52 కిలోల విభాగంలో ద్వితీయ స్థానాల్లో నిలిచినట్లు వివరించారు. జాతీయ స్థాయి పోటీలకు ఎంపికైన అరవింద్‌చారిని జిల్లా బాక్సింగ్ అసోసియేషన్ అధ్యక్షుడు ఎన్.మైనూర్, సర్పంచి రాజేంద్రపాణి, పాదం మహేందర్, రాజునాయక్, సత్యనారాయణ అభినందించారు.

యువతరంగ్ రాష్ట్రస్థాయి అథ్లెటిక్స్‌లో జిల్లావాసికి బంగారు పతకం

ఆదిలాబాద్ (జనంసాక్షి): ఖమ్మంలో జరుగుతున్న యువతరంగ్ రాష్ట్రస్థాయి అథ్లెటిక్స్ పోటీల్లో జిల్లావాసికి బంగారు పతకం వచ్చిందని యువతరంగ్ జిల్లా సమన్వయకర్త, పీడీ పి.శ్రీనివాస్‌గౌడ్ తెలిపారు. చెన్నూరు ప్రభుత్వ డిగ్రీ కళాశాలకు చెందిన విద్యార్థి పి.నరేష్ 400మీ.ల పరుగులో రాణించి పసిడి పతకాన్ని సాధించాడని పేర్కొన్నారు. ఈసందర్భంగా నరేష్‌కు ఆదిలాబాద్, చెన్నూరు డిగ్రీ కళాశాలల ప్రిన్సిపాళ్లు పి.అశోక్, నారాయణరెడ్డి, పీడీ అనితలు ప్రత్యేకంగా అభినందనలు తెలిపారు.

నీటిపారుదలశాఖ ఎస్‌ఈ బదిలీ

బెల్లంపల్లి (జనంసాక్షి): మధ్యతరహా నీటి పారుదలశాఖ బెల్లంపల్లి సర్కిల్ పర్యవేక్షక ఇంజినీరు (ఎస్ఈ) సునీల్ పదోన్నతిపై హైదరాబాద్‌కు సీఈగా బదిలీపై వెళ్లారు. ఈ మేరకు మంగళవారం ఉత్తర్వులు విడుదలయ్యాయి. పాల్వాయి పురుషోత్తంరావు ప్రాజెక్టు ఈఈగా విధులు నిర్వర్తిస్తున్న సుధాకర్‌రెడ్డికి పదోన్నతి కల్పిస్తూ బెల్లంపల్లి ఎస్ఈగా బదిలీ చేశారు. ఈమేరకు వీరిద్దరు బదిలీ అయిన స్థానాల్లో బాధ్యతలను స్వీకరించనున్నారు..

ఖమ్మంలో ఎమ్మార్పీఎస్ ప్రదర్శన

వైరారోడ్డు, (జనంసాక్షి): ఎస్సీ వర్గీకరణ కోసం అఖిలపక్షాన్ని ఢిల్లీకి తీసుకెళ్లాలని కోరుతూ ఎమ్మార్పీఎస్ జిల్లా కమిటీ బుధవారం ఖమ్మంలో ప్రదర్శన నిర్వహించింది. ఈ సందర్భంగా కలెక్టరేట్ ఎదుట ఆందోళన నిర్వహించారు. అనంతరం పలు సమస్యలతో కూడిన వినతి పత్రాన్ని జిల్లా కలెక్టర్ లోకేశ్ కుమార్‌కు అందజేశారు.
